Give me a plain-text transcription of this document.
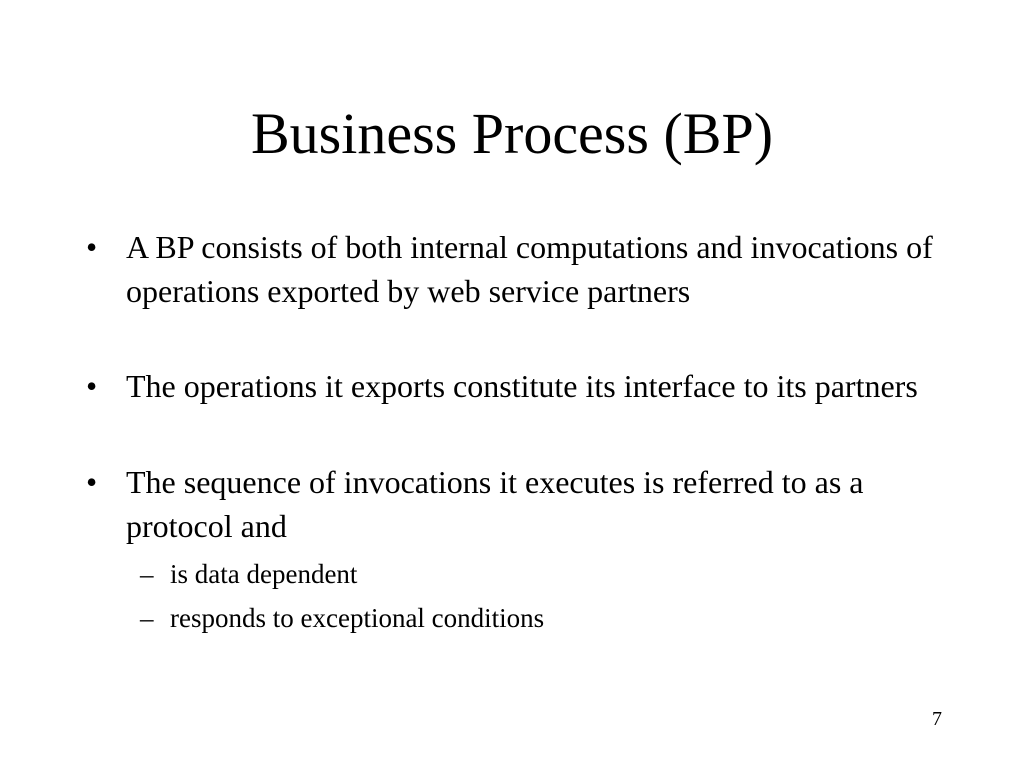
Business Process (BP)
• A BP consists of both internal computations and invocations of operations exported by web service partners
• The operations it exports constitute its interface to its partners
• The sequence of invocations it executes is referred to as a protocol and
– is data dependent
– responds to exceptional conditions
7
